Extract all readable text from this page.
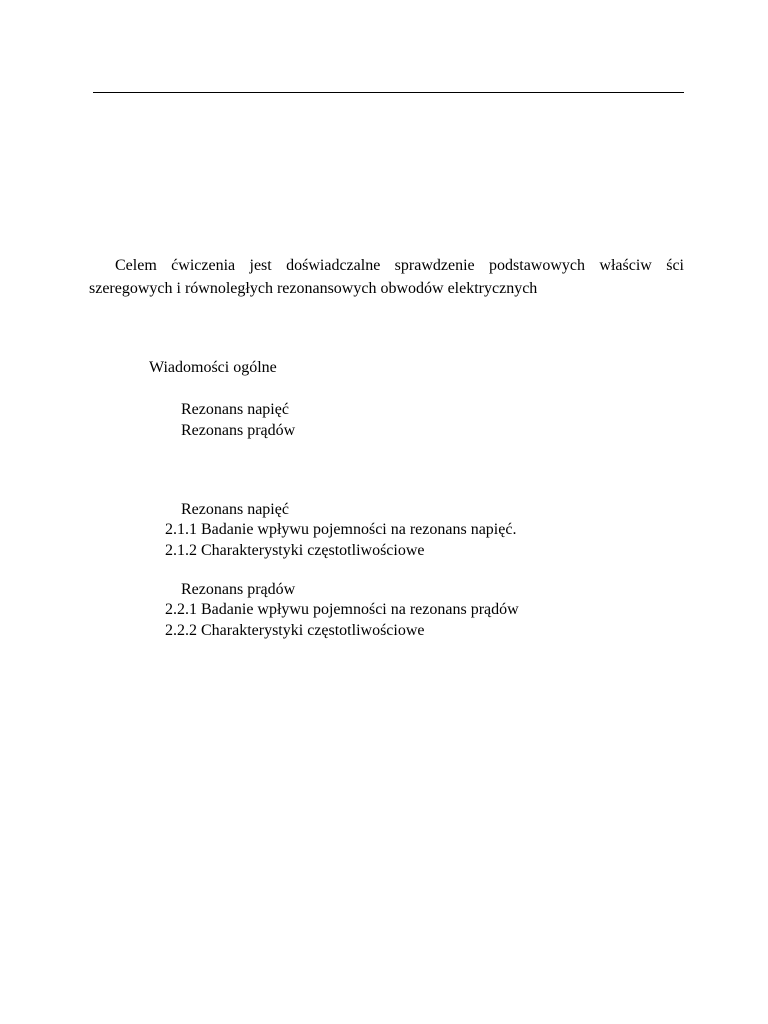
Celem ćwiczenia jest doświadczalne sprawdzenie podstawowych właściw ści
szeregowych i równoległych rezonansowych obwodów elektrycznych
Wiadomości ogólne
Rezonans napięć
Rezonans prądów
Rezonans napięć
2.1.1 Badanie wpływu pojemności na rezonans napięć.
2.1.2 Charakterystyki częstotliwościowe
Rezonans prądów
2.2.1 Badanie wpływu pojemności na rezonans prądów
2.2.2 Charakterystyki częstotliwościowe
